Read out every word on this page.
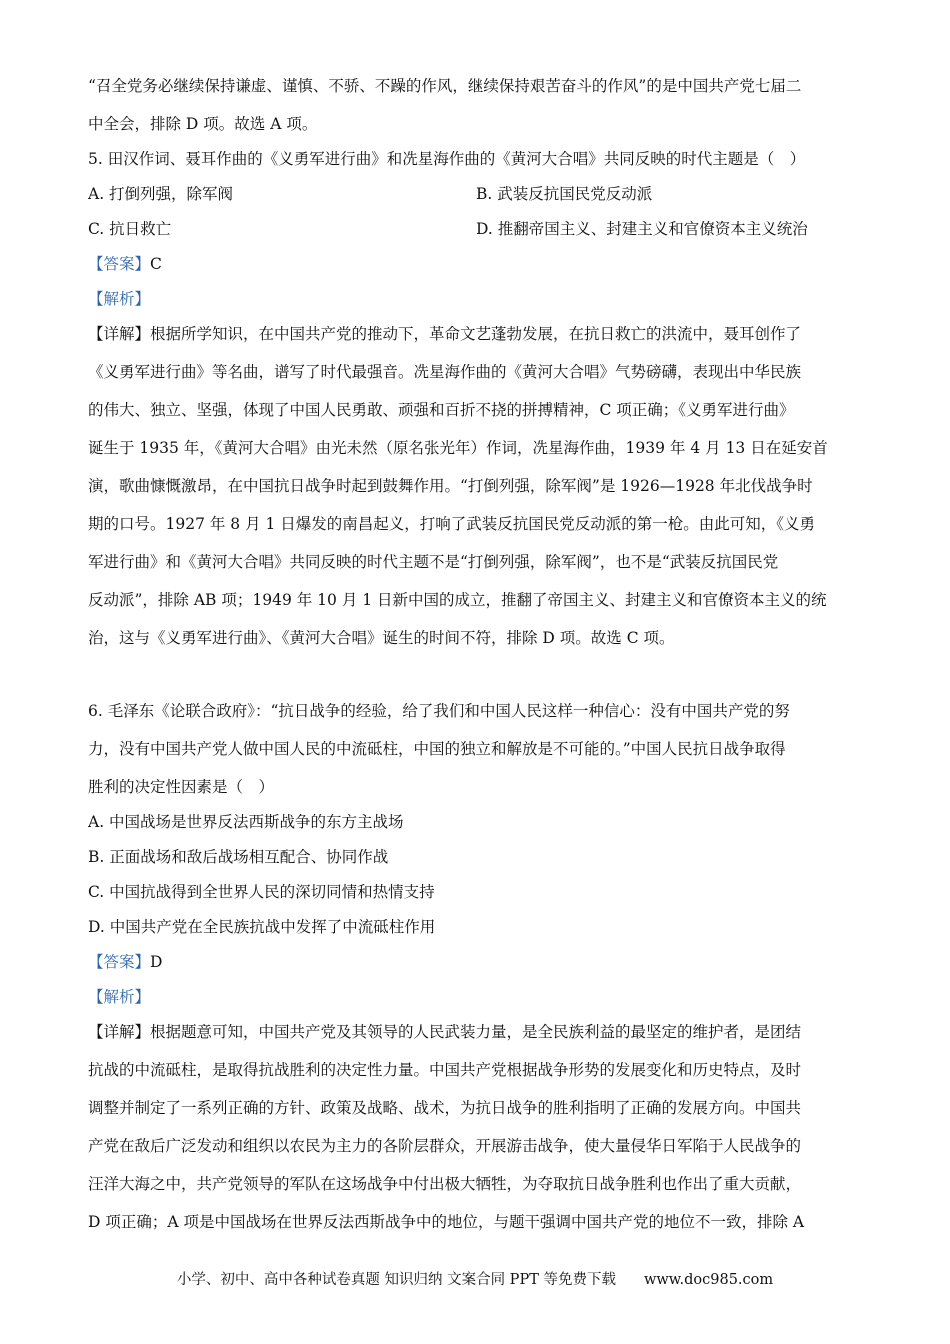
“召全党务必继续保持谦虚、谨慎、不骄、不躁的作风，继续保持艰苦奋斗的作风”的是中国共产党七届二
中全会，排除 D 项。故选 A 项。
5. 田汉作词、聂耳作曲的《义勇军进行曲》和冼星海作曲的《黄河大合唱》共同反映的时代主题是（　）
A. 打倒列强，除军阀	B. 武装反抗国民党反动派
C. 抗日救亡	D. 推翻帝国主义、封建主义和官僚资本主义统治
【答案】C
【解析】
【详解】根据所学知识，在中国共产党的推动下，革命文艺蓬勃发展，在抗日救亡的洪流中，聂耳创作了
《义勇军进行曲》等名曲，谱写了时代最强音。冼星海作曲的《黄河大合唱》气势磅礴，表现出中华民族
的伟大、独立、坚强，体现了中国人民勇敢、顽强和百折不挠的拼搏精神，C 项正确；《义勇军进行曲》
诞生于 1935 年，《黄河大合唱》由光未然（原名张光年）作词，冼星海作曲，1939 年 4 月 13 日在延安首
演，歌曲慷慨激昂，在中国抗日战争时起到鼓舞作用。“打倒列强，除军阀”是 1926—1928 年北伐战争时
期的口号。1927 年 8 月 1 日爆发的南昌起义，打响了武装反抗国民党反动派的第一枪。由此可知，《义勇
军进行曲》和《黄河大合唱》共同反映的时代主题不是“打倒列强，除军阀”，也不是“武装反抗国民党
反动派”，排除 AB 项；1949 年 10 月 1 日新中国的成立，推翻了帝国主义、封建主义和官僚资本主义的统
治，这与《义勇军进行曲》、《黄河大合唱》诞生的时间不符，排除 D 项。故选 C 项。
6. 毛泽东《论联合政府》：“抗日战争的经验，给了我们和中国人民这样一种信心：没有中国共产党的努
力，没有中国共产党人做中国人民的中流砥柱，中国的独立和解放是不可能的。”中国人民抗日战争取得
胜利的决定性因素是（　）
A. 中国战场是世界反法西斯战争的东方主战场
B. 正面战场和敌后战场相互配合、协同作战
C. 中国抗战得到全世界人民的深切同情和热情支持
D. 中国共产党在全民族抗战中发挥了中流砥柱作用
【答案】D
【解析】
【详解】根据题意可知，中国共产党及其领导的人民武装力量，是全民族利益的最坚定的维护者，是团结
抗战的中流砥柱，是取得抗战胜利的决定性力量。中国共产党根据战争形势的发展变化和历史特点，及时
调整并制定了一系列正确的方针、政策及战略、战术，为抗日战争的胜利指明了正确的发展方向。中国共
产党在敌后广泛发动和组织以农民为主力的各阶层群众，开展游击战争，使大量侵华日军陷于人民战争的
汪洋大海之中，共产党领导的军队在这场战争中付出极大牺牲，为夺取抗日战争胜利也作出了重大贡献，
D 项正确；A 项是中国战场在世界反法西斯战争中的地位，与题干强调中国共产党的地位不一致，排除 A
小学、初中、高中各种试卷真题 知识归纳 文案合同 PPT 等免费下载 www.doc985.com
